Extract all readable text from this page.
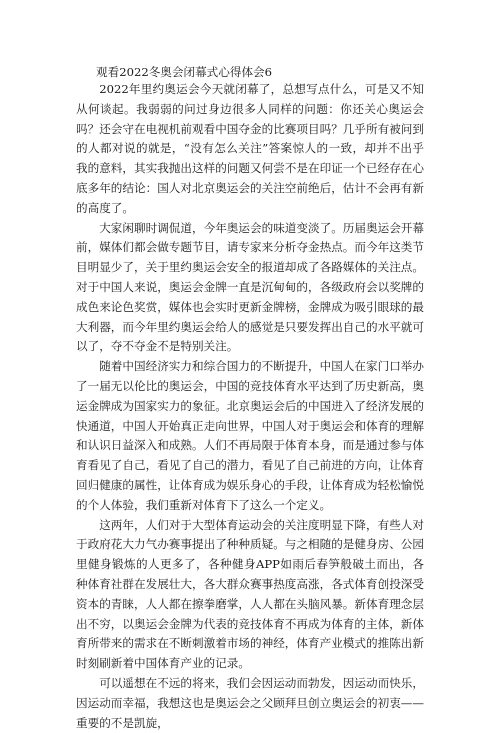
观看2022冬奥会闭幕式心得体会6

2022年里约奥运会今天就闭幕了，总想写点什么，可是又不知从何谈起。我弱弱的问过身边很多人同样的问题：你还关心奥运会吗？还会守在电视机前观看中国夺金的比赛项目吗？几乎所有被问到的人都对说的就是，“没有怎么关注”答案惊人的一致，却并不出乎我的意料，其实我抛出这样的问题又何尝不是在印证一个已经存在心底多年的结论：国人对北京奥运会的关注空前绝后，估计不会再有新的高度了。

大家闲聊时调侃道，今年奥运会的味道变淡了。历届奥运会开幕前，媒体们都会做专题节目，请专家来分析夺金热点。而今年这类节目明显少了，关于里约奥运会安全的报道却成了各路媒体的关注点。对于中国人来说，奥运会金牌一直是沉甸甸的，各级政府会以奖牌的成色来论色奖赏，媒体也会实时更新金牌榜，金牌成为吸引眼球的最大利器，而今年里约奥运会给人的感觉是只要发挥出自己的水平就可以了，夺不夺金不是特别关注。

随着中国经济实力和综合国力的不断提升，中国人在家门口举办了一届无以伦比的奥运会，中国的竞技体育水平达到了历史新高，奥运金牌成为国家实力的象征。北京奥运会后的中国进入了经济发展的快通道，中国人开始真正走向世界，中国人对于奥运会和体育的理解和认识日益深入和成熟。人们不再局限于体育本身，而是通过参与体育看见了自己，看见了自己的潜力，看见了自己前进的方向，让体育回归健康的属性，让体育成为娱乐身心的手段，让体育成为轻松愉悦的个人体验，我们重新对体育下了这么一个定义。

这两年，人们对于大型体育运动会的关注度明显下降，有些人对于政府花大力气办赛事提出了种种质疑。与之相随的是健身房、公园里健身锻炼的人更多了，各种健身APP如雨后春笋般破土而出，各种体育社群在发展壮大，各大群众赛事热度高涨，各式体育创投深受资本的青睐，人人都在擦拳磨掌，人人都在头脑风暴。新体育理念层出不穷，以奥运会金牌为代表的竞技体育不再成为体育的主体，新体育所带来的需求在不断刺激着市场的神经，体育产业模式的推陈出新时刻刷新着中国体育产业的记录。

可以遥想在不远的将来，我们会因运动而勃发，因运动而快乐，因运动而幸福，我想这也是奥运会之父顾拜旦创立奥运会的初衷——重要的不是凯旋，
